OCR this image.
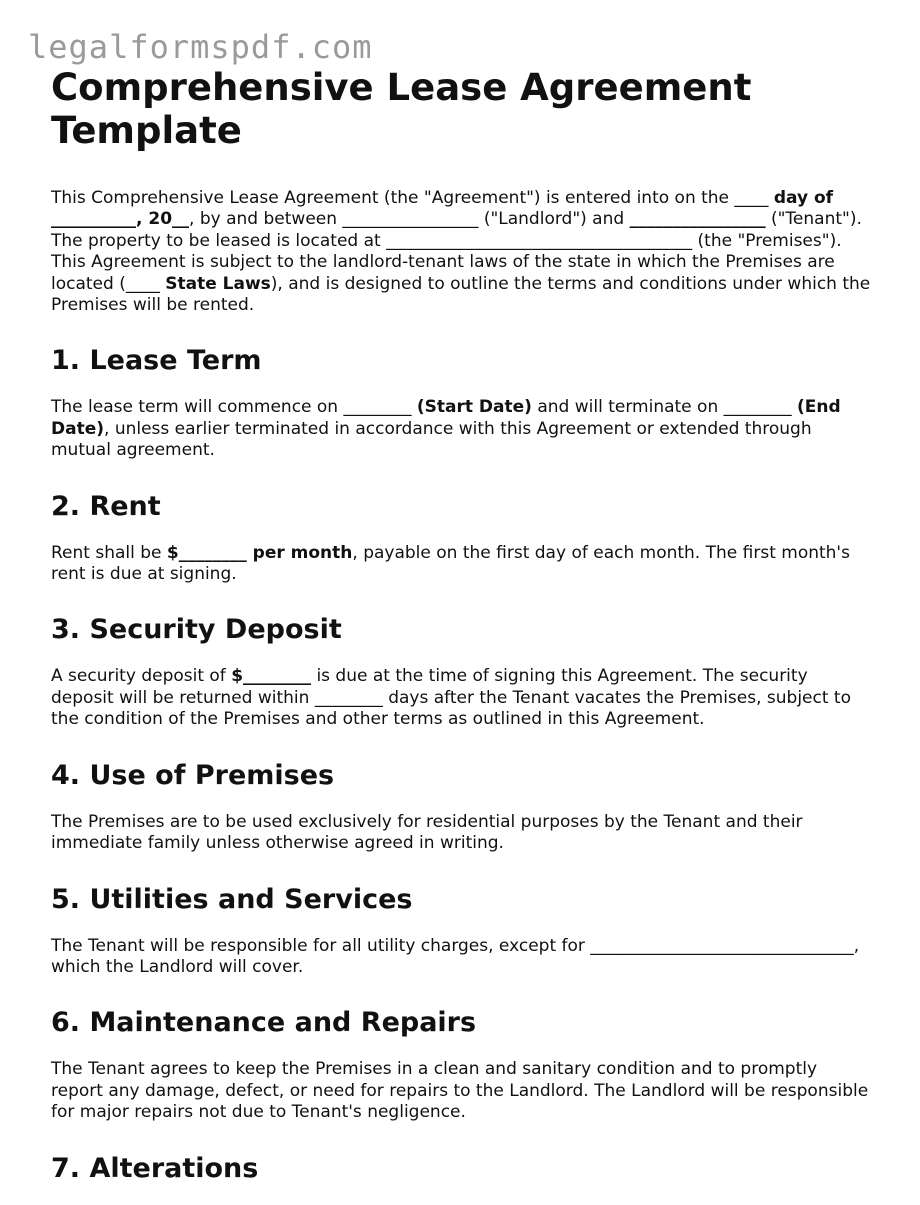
legalformspdf.com
Comprehensive Lease Agreement Template

This Comprehensive Lease Agreement (the "Agreement") is entered into on the ____ day of __________, 20__, by and between ________________ ("Landlord") and ________________ ("Tenant"). The property to be leased is located at ____________________________________ (the "Premises"). This Agreement is subject to the landlord-tenant laws of the state in which the Premises are located (____ State Laws), and is designed to outline the terms and conditions under which the Premises will be rented.

1. Lease Term

The lease term will commence on ________ (Start Date) and will terminate on ________ (End Date), unless earlier terminated in accordance with this Agreement or extended through mutual agreement.

2. Rent

Rent shall be $________ per month, payable on the first day of each month. The first month's rent is due at signing.

3. Security Deposit

A security deposit of $________ is due at the time of signing this Agreement. The security deposit will be returned within ________ days after the Tenant vacates the Premises, subject to the condition of the Premises and other terms as outlined in this Agreement.

4. Use of Premises

The Premises are to be used exclusively for residential purposes by the Tenant and their immediate family unless otherwise agreed in writing.

5. Utilities and Services

The Tenant will be responsible for all utility charges, except for _______________________________, which the Landlord will cover.

6. Maintenance and Repairs

The Tenant agrees to keep the Premises in a clean and sanitary condition and to promptly report any damage, defect, or need for repairs to the Landlord. The Landlord will be responsible for major repairs not due to Tenant's negligence.

7. Alterations
